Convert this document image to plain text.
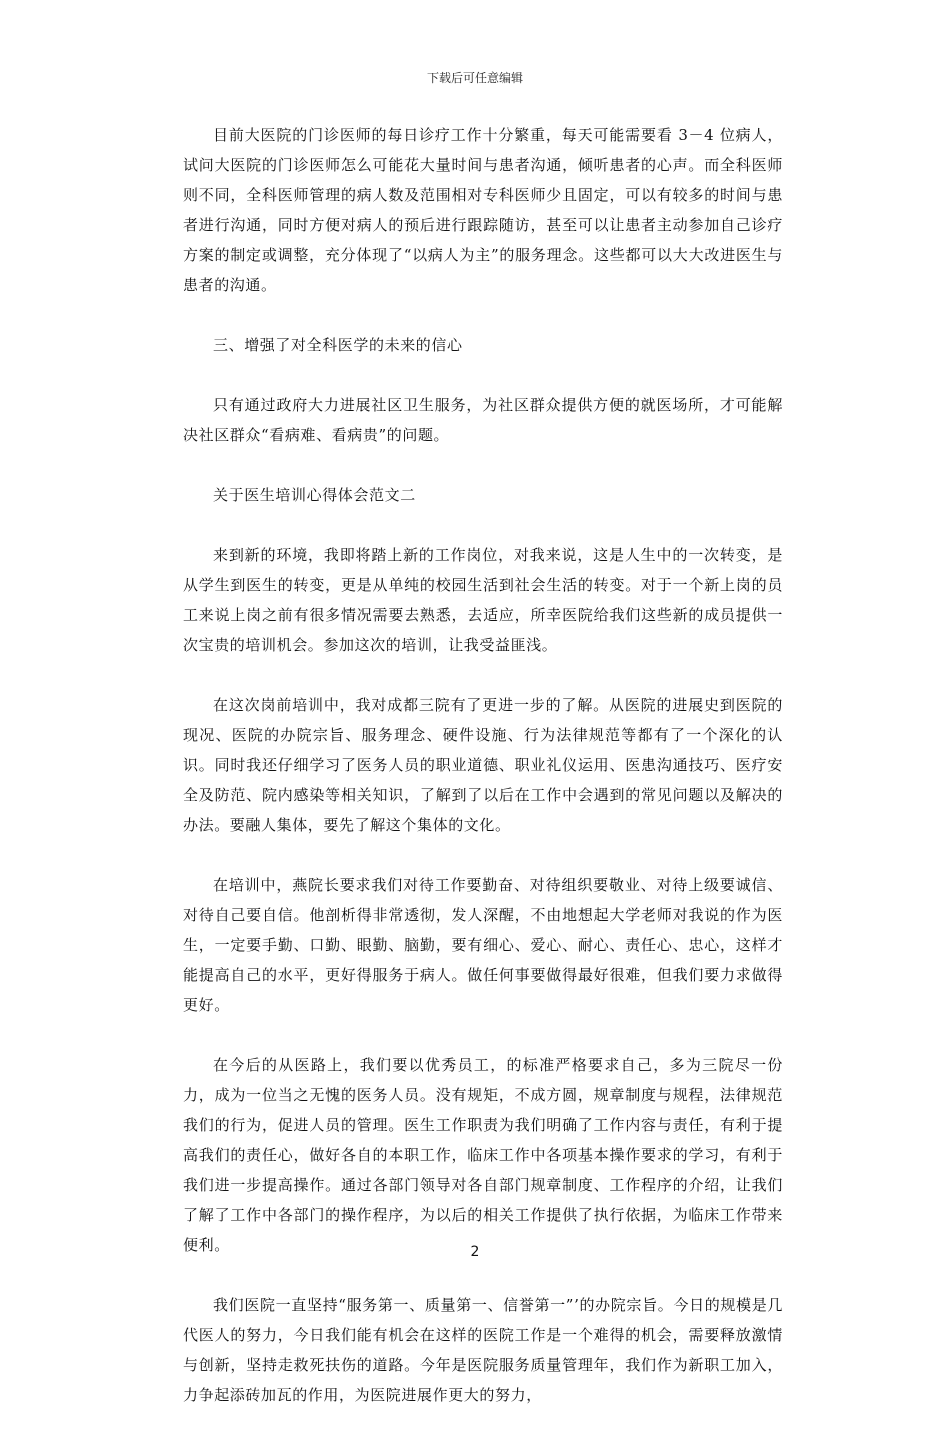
下载后可任意编辑

目前大医院的门诊医师的每日诊疗工作十分繁重，每天可能需要看 3－4 位病人，试问大医院的门诊医师怎么可能花大量时间与患者沟通，倾听患者的心声。而全科医师则不同，全科医师管理的病人数及范围相对专科医师少且固定，可以有较多的时间与患者进行沟通，同时方便对病人的预后进行跟踪随访，甚至可以让患者主动参加自己诊疗方案的制定或调整，充分体现了“以病人为主”的服务理念。这些都可以大大改进医生与患者的沟通。

三、增强了对全科医学的未来的信心

只有通过政府大力进展社区卫生服务，为社区群众提供方便的就医场所，才可能解决社区群众“看病难、看病贵”的问题。

关于医生培训心得体会范文二

来到新的环境，我即将踏上新的工作岗位，对我来说，这是人生中的一次转变，是从学生到医生的转变，更是从单纯的校园生活到社会生活的转变。对于一个新上岗的员工来说上岗之前有很多情况需要去熟悉，去适应，所幸医院给我们这些新的成员提供一次宝贵的培训机会。参加这次的培训，让我受益匪浅。

在这次岗前培训中，我对成都三院有了更进一步的了解。从医院的进展史到医院的现况、医院的办院宗旨、服务理念、硬件设施、行为法律规范等都有了一个深化的认识。同时我还仔细学习了医务人员的职业道德、职业礼仪运用、医患沟通技巧、医疗安全及防范、院内感染等相关知识，了解到了以后在工作中会遇到的常见问题以及解决的办法。要融人集体，要先了解这个集体的文化。

在培训中，燕院长要求我们对待工作要勤奋、对待组织要敬业、对待上级要诚信、对待自己要自信。他剖析得非常透彻，发人深醒，不由地想起大学老师对我说的作为医生，一定要手勤、口勤、眼勤、脑勤，要有细心、爱心、耐心、责任心、忠心，这样才能提高自己的水平，更好得服务于病人。做任何事要做得最好很难，但我们要力求做得更好。

在今后的从医路上，我们要以优秀员工，的标准严格要求自己，多为三院尽一份力，成为一位当之无愧的医务人员。没有规矩，不成方圆，规章制度与规程，法律规范我们的行为，促进人员的管理。医生工作职责为我们明确了工作内容与责任，有利于提高我们的责任心，做好各自的本职工作，临床工作中各项基本操作要求的学习，有利于我们进一步提高操作。通过各部门领导对各自部门规章制度、工作程序的介绍，让我们了解了工作中各部门的操作程序，为以后的相关工作提供了执行依据，为临床工作带来便利。

我们医院一直坚持“服务第一、质量第一、信誉第一”’的办院宗旨。今日的规模是几代医人的努力，今日我们能有机会在这样的医院工作是一个难得的机会，需要释放激情与创新，坚持走救死扶伤的道路。今年是医院服务质量管理年，我们作为新职工加入，力争起添砖加瓦的作用，为医院进展作更大的努力，

2
